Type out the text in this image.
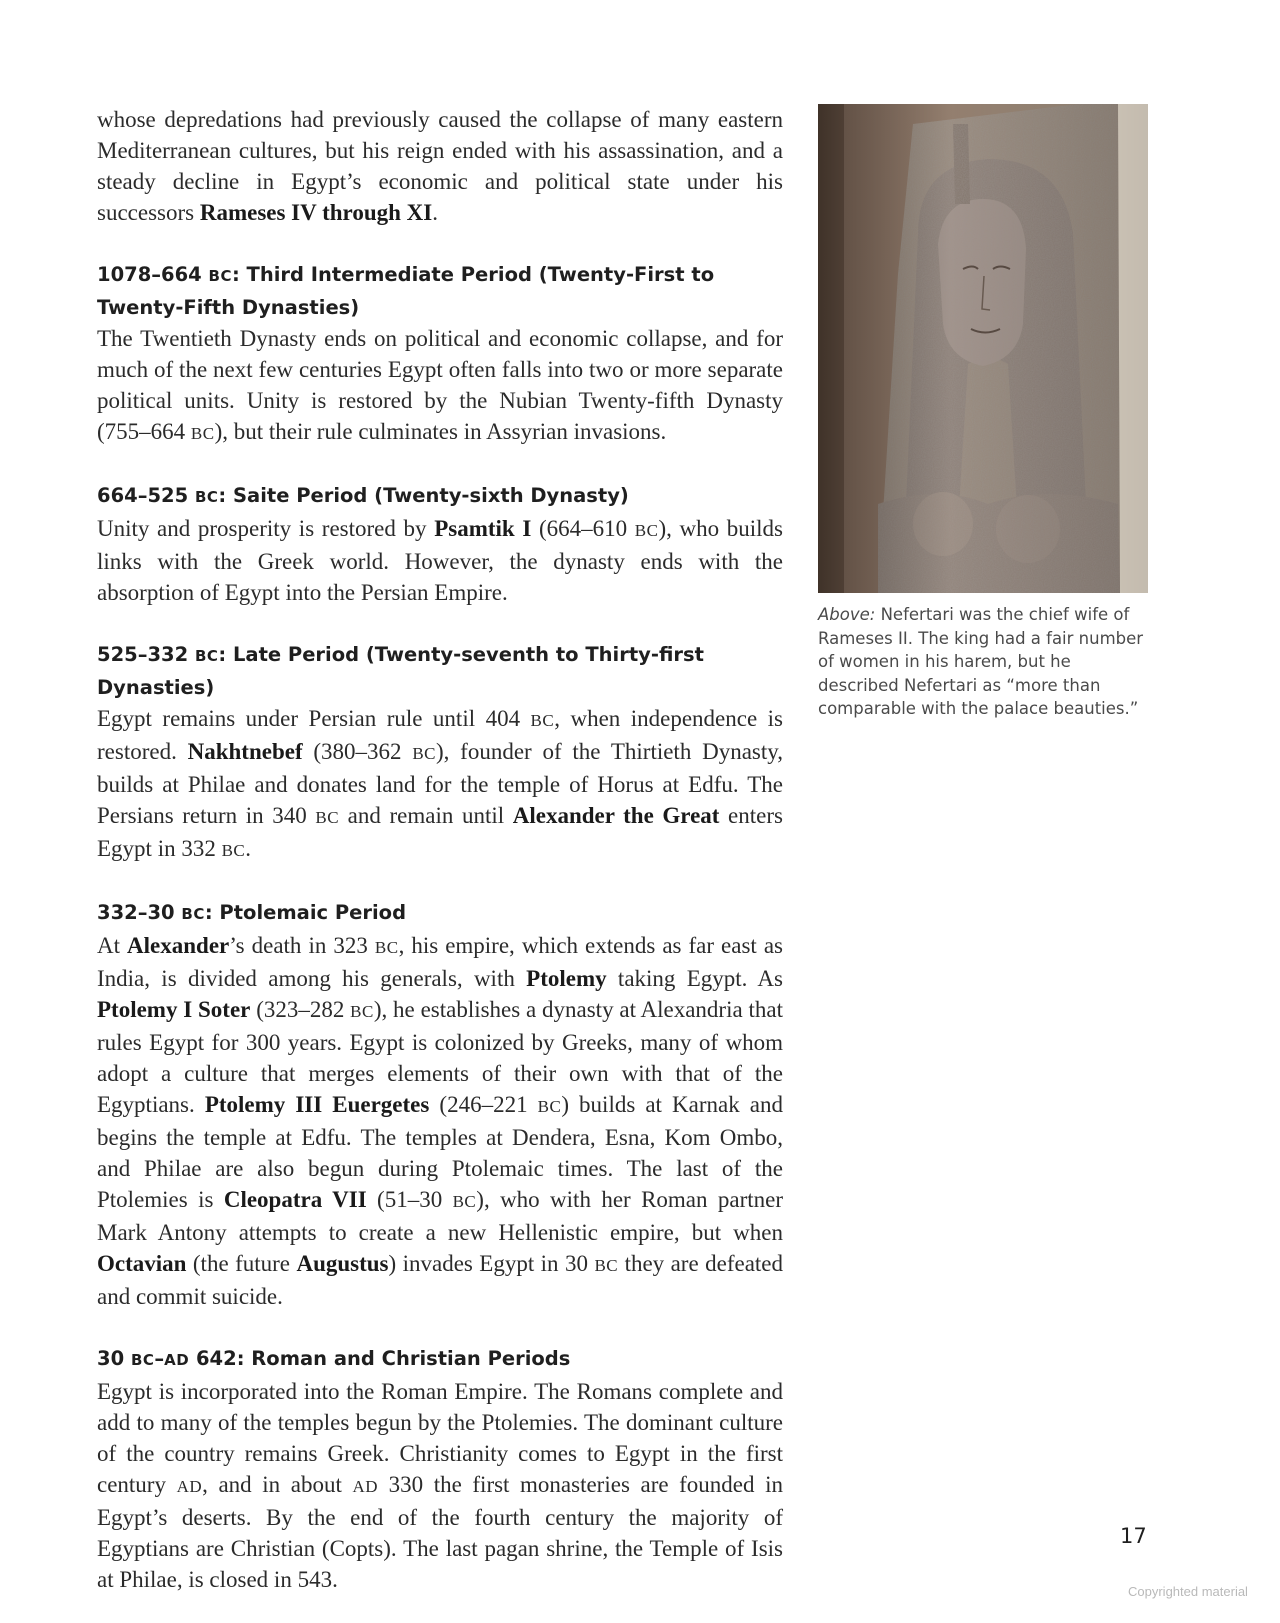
whose depredations had previously caused the collapse of many eastern Mediterranean cultures, but his reign ended with his assassination, and a steady decline in Egypt’s economic and political state under his successors Rameses IV through XI.

1078–664 BC: Third Intermediate Period (Twenty-First to Twenty-Fifth Dynasties)

The Twentieth Dynasty ends on political and economic collapse, and for much of the next few centuries Egypt often falls into two or more separate political units. Unity is restored by the Nubian Twenty-fifth Dynasty (755–664 BC), but their rule culminates in Assyrian invasions.

664–525 BC: Saite Period (Twenty-sixth Dynasty)

Unity and prosperity is restored by Psamtik I (664–610 BC), who builds links with the Greek world. However, the dynasty ends with the absorption of Egypt into the Persian Empire.

525–332 BC: Late Period (Twenty-seventh to Thirty-first Dynasties)

Egypt remains under Persian rule until 404 BC, when independence is restored. Nakhtnebef (380–362 BC), founder of the Thirtieth Dynasty, builds at Philae and donates land for the temple of Horus at Edfu. The Persians return in 340 BC and remain until Alexander the Great enters Egypt in 332 BC.

332–30 BC: Ptolemaic Period

At Alexander’s death in 323 BC, his empire, which extends as far east as India, is divided among his generals, with Ptolemy taking Egypt. As Ptolemy I Soter (323–282 BC), he establishes a dynasty at Alexandria that rules Egypt for 300 years. Egypt is colonized by Greeks, many of whom adopt a culture that merges elements of their own with that of the Egyptians. Ptolemy III Euergetes (246–221 BC) builds at Karnak and begins the temple at Edfu. The temples at Dendera, Esna, Kom Ombo, and Philae are also begun during Ptolemaic times. The last of the Ptolemies is Cleopatra VII (51–30 BC), who with her Roman partner Mark Antony attempts to create a new Hellenistic empire, but when Octavian (the future Augustus) invades Egypt in 30 BC they are defeated and commit suicide.

30 BC–AD 642: Roman and Christian Periods

Egypt is incorporated into the Roman Empire. The Romans complete and add to many of the temples begun by the Ptolemies. The dominant culture of the country remains Greek. Christianity comes to Egypt in the first century AD, and in about AD 330 the first monasteries are founded in Egypt’s deserts. By the end of the fourth century the majority of Egyptians are Christian (Copts). The last pagan shrine, the Temple of Isis at Philae, is closed in 543.

Above: Nefertari was the chief wife of Rameses II. The king had a fair number of women in his harem, but he described Nefertari as “more than comparable with the palace beauties.”

17
Copyrighted material
